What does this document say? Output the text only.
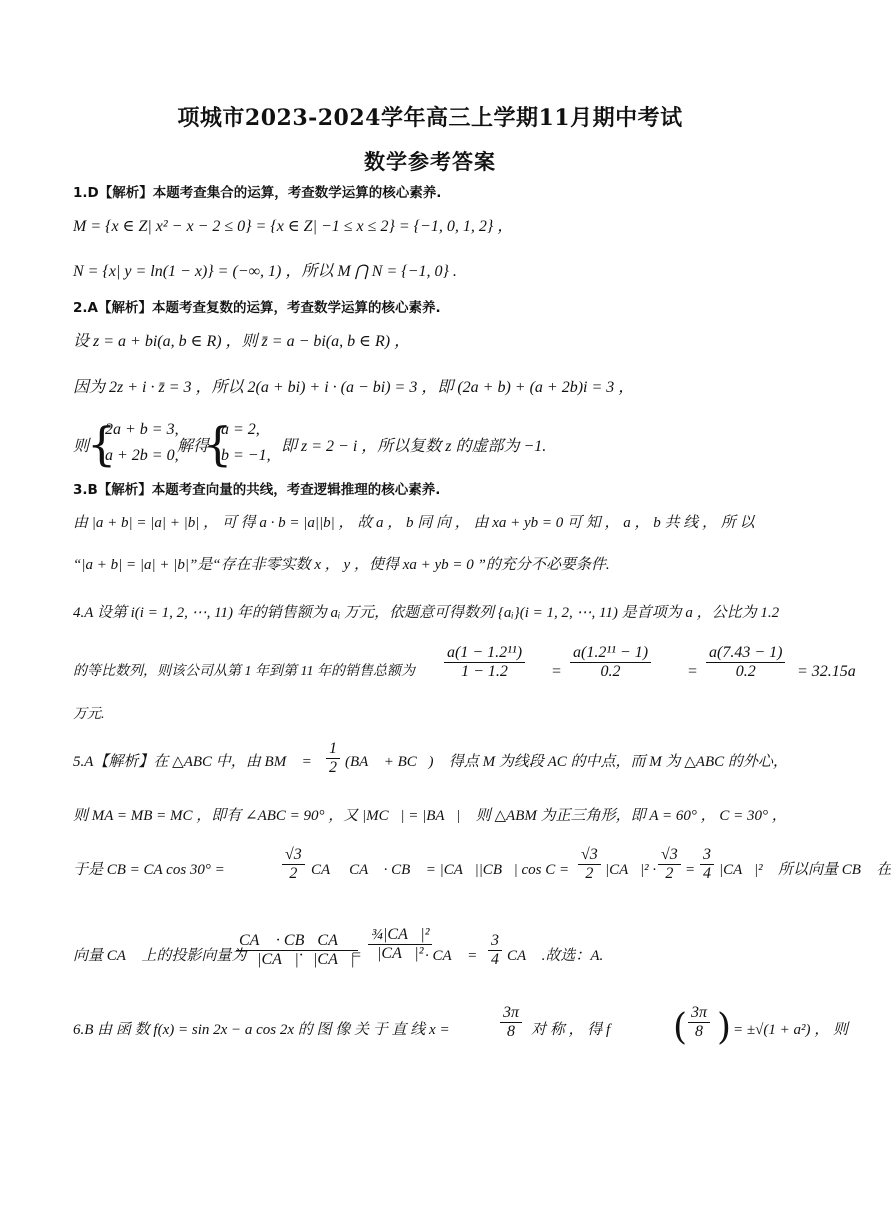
项城市2023-2024学年高三上学期11月期中考试
数学参考答案
1.D【解析】本题考查集合的运算，考查数学运算的核心素养.
M = {x ∈ Z| x² − x − 2 ≤ 0} = {x ∈ Z| −1 ≤ x ≤ 2} = {−1, 0, 1, 2} ，
N = {x| y = ln(1 − x)} = (−∞, 1) ，所以 M ⋂ N = {−1, 0} .
2.A【解析】本题考查复数的运算，考查数学运算的核心素养.
设 z = a + bi(a, b ∈ R) ，则 z̄ = a − bi(a, b ∈ R) ，
因为 2z + i · z̄ = 3 ，所以 2(a + bi) + i · (a − bi) = 3 ，即 (2a + b) + (a + 2b)i = 3 ，
则
{
2a + b = 3,
a + 2b = 0,
解得
{
a = 2,
b = −1,
即 z = 2 − i ，所以复数 z 的虚部为 −1.
3.B【解析】本题考查向量的共线，考查逻辑推理的核心素养.
由 |a + b| = |a| + |b| ， 可 得 a · b = |a||b| ， 故 a ， b 同 向 ， 由 xa + yb = 0 可 知 ， a ， b 共 线 ， 所 以
“|a + b| = |a| + |b|”是“存在非零实数 x ， y ，使得 xa + yb = 0 ”的充分不必要条件.
4.A 设第 i(i = 1, 2, ⋯, 11) 年的销售额为 aᵢ 万元，依题意可得数列 {aᵢ}(i = 1, 2, ⋯, 11) 是首项为 a ，公比为 1.2
的等比数列，则该公司从第 1 年到第 11 年的销售总额为 $\frac{\text{a(1 − 1.2¹¹)}}{1 - 1.2} = \frac{\text{a(1.2¹¹ − 1)}}{0.2} = \frac{a(7.43 - 1)}{0.2} = 32.15a$
万元.
5.A【解析】在 △ABC 中，由 BM⃗ = $\frac{1}{2}$ (BA⃗ + BC⃗) ，得点 M 为线段 AC 的中点，而 M 为 △ABC 的外心，
则 MA = MB = MC ，即有 ∠ABC = 90° ，又 |MC⃗| = |BA⃗| ，则 △ABM 为正三角形，即 A = 60° ， C = 30° ，
于是 CB = CA cos 30° =	$\frac{√3}{2}$ CA ， CA⃗ · CB⃗ = |CA⃗||CB⃗| $\cos C = \frac{√3}{2}$ |CA⃗|² · $\frac{√3}{2} = \frac{3}{4}$ |CA⃗|² ，所以向量 CB⃗ 在
向量 CA⃗ 上的投影向量为
$\frac{CA⃗ \cdot CB⃗}{|CA⃗|}$
· $\frac{CA⃗}{|CA⃗|}$
= $\frac{\text{¾|CA⃗|²}}{\text{|CA⃗|²}}$
· CA⃗ = $\frac{3}{4}$ CA⃗ .故选：A.
6.B 由 函 数 f(x) = sin 2x − a cos 2x 的 图 像 关 于 直 线 x =	$\frac{3\pi}{8}$ 对 称 ， 得 f ( $\frac{3\pi}{8}$ ) = ±√(1 + a²) ， 则
